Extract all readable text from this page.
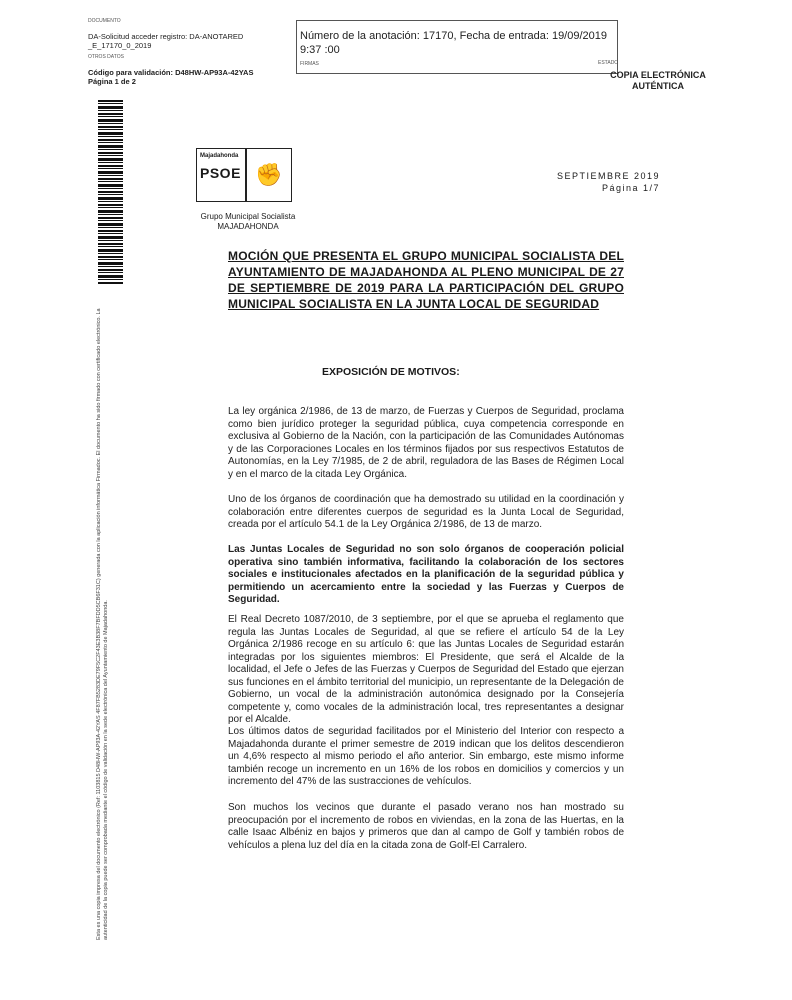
DOCUMENTO
DA-Solicitud acceder registro: DA-ANOTARED
_E_17170_0_2019
OTROS DATOS
Código para validación: D48HW-AP93A-42YAS
Página 1 de 2
Número de la anotación: 17170, Fecha de entrada: 19/09/2019 9:37 :00
FIRMAS	ESTADO
COPIA ELECTRÓNICA AUTÉNTICA
Esta es una copia impresa del documento electrónico (Ref: 1103815 D48HW-AP93A-42YAS 4F87FB5283DE79F5C2F43E3B38F7BFDD5CB6F31C) generada con la aplicación informática Firmadoc. El documento ha sido firmado con certificado electrónico. La autenticidad de la copia puede ser comprobada mediante el código de validación en la sede electrónica del Ayuntamiento de Majadahonda.
Majadahonda
PSOE ✊
Grupo Municipal Socialista
MAJADAHONDA
SEPTIEMBRE 2019
Página 1/7
MOCIÓN QUE PRESENTA EL GRUPO MUNICIPAL SOCIALISTA DEL AYUNTAMIENTO DE MAJADAHONDA AL PLENO MUNICIPAL DE 27 DE SEPTIEMBRE DE 2019 PARA LA PARTICIPACIÓN DEL GRUPO MUNICIPAL SOCIALISTA EN LA JUNTA LOCAL DE SEGURIDAD
EXPOSICIÓN DE MOTIVOS:
La ley orgánica 2/1986, de 13 de marzo, de Fuerzas y Cuerpos de Seguridad, proclama como bien jurídico proteger la seguridad pública, cuya competencia corresponde en exclusiva al Gobierno de la Nación, con la participación de las Comunidades Autónomas y de las Corporaciones Locales en los términos fijados por sus respectivos Estatutos de Autonomías, en la Ley 7/1985, de 2 de abril, reguladora de las Bases de Régimen Local y en el marco de la citada Ley Orgánica.
Uno de los órganos de coordinación que ha demostrado su utilidad en la coordinación y colaboración entre diferentes cuerpos de seguridad es la Junta Local de Seguridad, creada por el artículo 54.1 de la Ley Orgánica 2/1986, de 13 de marzo.
Las Juntas Locales de Seguridad no son solo órganos de cooperación policial operativa sino también informativa, facilitando la colaboración de los sectores sociales e institucionales afectados en la planificación de la seguridad pública y permitiendo un acercamiento entre la sociedad y las Fuerzas y Cuerpos de Seguridad.
El Real Decreto 1087/2010, de 3 septiembre, por el que se aprueba el reglamento que regula las Juntas Locales de Seguridad, al que se refiere el artículo 54 de la Ley Orgánica 2/1986 recoge en su artículo 6: que las Juntas Locales de Seguridad estarán integradas por los siguientes miembros: El Presidente, que será el Alcalde de la localidad, el Jefe o Jefes de las Fuerzas y Cuerpos de Seguridad del Estado que ejerzan sus funciones en el ámbito territorial del municipio, un representante de la Delegación de Gobierno, un vocal de la administración autonómica designado por la Consejería competente y, como vocales de la administración local, tres representantes a designar por el Alcalde.
Los últimos datos de seguridad facilitados por el Ministerio del Interior con respecto a Majadahonda durante el primer semestre de 2019 indican que los delitos descendieron un 4,6% respecto al mismo periodo el año anterior. Sin embargo, este mismo informe también recoge un incremento en un 16% de los robos en domicilios y comercios y un incremento del 47% de las sustracciones de vehículos.
Son muchos los vecinos que durante el pasado verano nos han mostrado su preocupación por el incremento de robos en viviendas, en la zona de las Huertas, en la calle Isaac Albéniz en bajos y primeros que dan al campo de Golf y también robos de vehículos a plena luz del día en la citada zona de Golf-El Carralero.
